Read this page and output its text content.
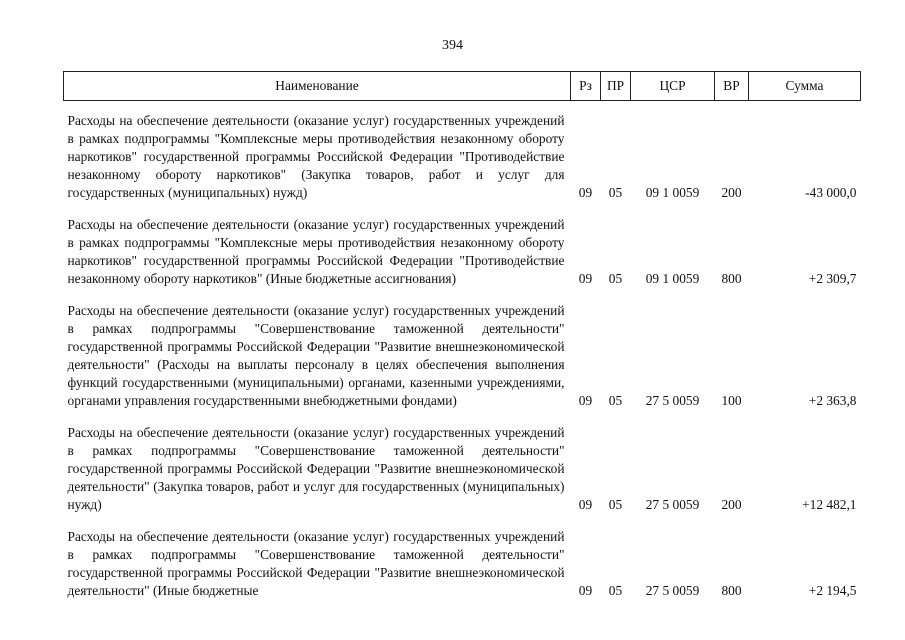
394
Наименование	Рз	ПР	ЦСР	ВР	Сумма
Расходы на обеспечение деятельности (оказание услуг) государственных учреждений в рамках подпрограммы "Комплексные меры противодействия незаконному обороту наркотиков" государственной программы Российской Федерации "Противодействие незаконному обороту наркотиков" (Закупка товаров, работ и услуг для государственных (муниципальных) нужд)	09	05	09 1 0059	200	-43 000,0
Расходы на обеспечение деятельности (оказание услуг) государственных учреждений в рамках подпрограммы "Комплексные меры противодействия незаконному обороту наркотиков" государственной программы Российской Федерации "Противодействие незаконному обороту наркотиков" (Иные бюджетные ассигнования)	09	05	09 1 0059	800	+2 309,7
Расходы на обеспечение деятельности (оказание услуг) государственных учреждений в рамках подпрограммы "Совершенствование таможенной деятельности" государственной программы Российской Федерации "Развитие внешнеэкономической деятельности" (Расходы на выплаты персоналу в целях обеспечения выполнения функций государственными (муниципальными) органами, казенными учреждениями, органами управления государственными внебюджетными фондами)	09	05	27 5 0059	100	+2 363,8
Расходы на обеспечение деятельности (оказание услуг) государственных учреждений в рамках подпрограммы "Совершенствование таможенной деятельности" государственной программы Российской Федерации "Развитие внешнеэкономической деятельности" (Закупка товаров, работ и услуг для государственных (муниципальных) нужд)	09	05	27 5 0059	200	+12 482,1
Расходы на обеспечение деятельности (оказание услуг) государственных учреждений в рамках подпрограммы "Совершенствование таможенной деятельности" государственной программы Российской Федерации "Развитие внешнеэкономической деятельности" (Иные бюджетные	09	05	27 5 0059	800	+2 194,5
